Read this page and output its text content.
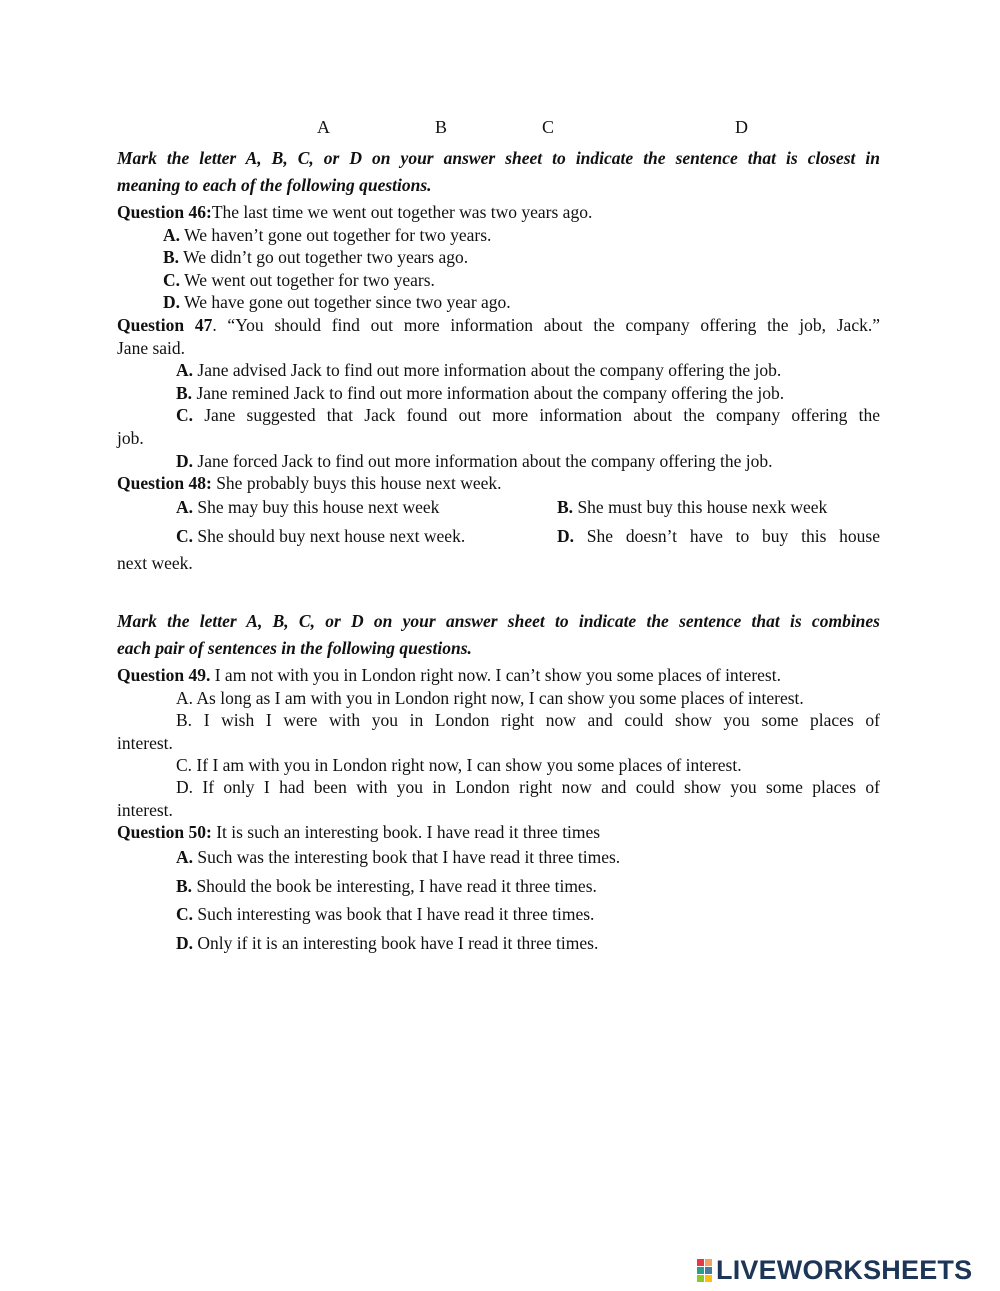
A	B	C	D
Mark the letter A, B, C, or D on your answer sheet to indicate the sentence that is closest in
meaning to each of the following questions.
Question 46:The last time we went out together was two years ago.
A. We haven’t gone out together for two years.
B. We didn’t go out together two years ago.
C. We went out together for two years.
D. We have gone out together since two year ago.
Question 47. “You should find out more information about the company offering the job, Jack.”
Jane said.
A. Jane advised Jack to find out more information about the company offering the job.
B. Jane remined Jack to find out more information about the company offering the job.
C. Jane suggested that Jack found out more information about the company offering the
job.
D. Jane forced Jack to find out more information about the company offering the job.
Question 48: She probably buys this house next week.
A. She may buy this house next week	B. She must buy this house nexk week
C. She should buy next house next week.	D. She doesn’t have to buy this house
next week.
Mark the letter A, B, C, or D on your answer sheet to indicate the sentence that is combines
each pair of sentences in the following questions.
Question 49. I am not with you in London right now. I can’t show you some places of interest.
A. As long as I am with you in London right now, I can show you some places of interest.
B. I wish I were with you in London right now and could show you some places of
interest.
C. If I am with you in London right now, I can show you some places of interest.
D. If only I had been with you in London right now and could show you some places of
interest.
Question 50: It is such an interesting book. I have read it three times
A. Such was the interesting book that I have read it three times.
B. Should the book be interesting, I have read it three times.
C. Such interesting was book that I have read it three times.
D. Only if it is an interesting book have I read it three times.
LIVEWORKSHEETS
